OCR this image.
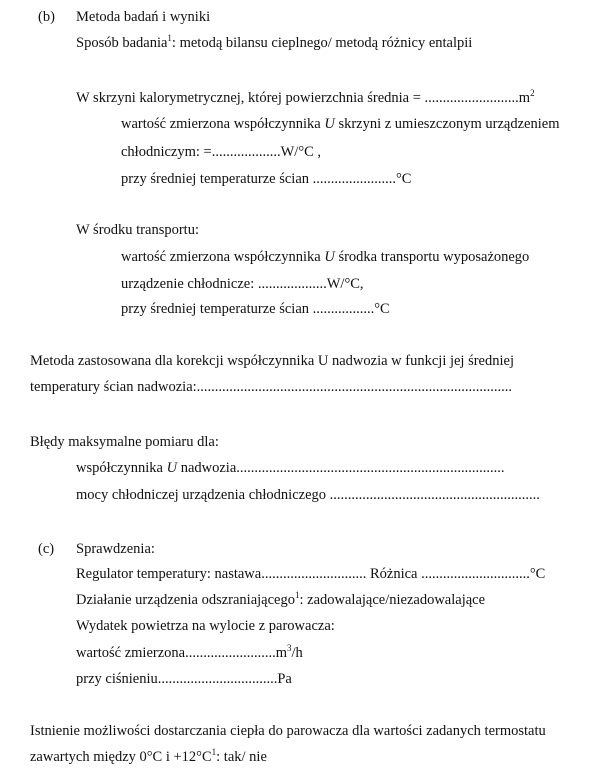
(b) Metoda badań i wyniki
Sposób badania$^1$: metodą bilansu cieplnego/ metodą różnicy entalpii
W skrzyni kalorymetrycznej, której powierzchnia średnia = $..........................m^2$
wartość zmierzona współczynnika U skrzyni z umieszczonym urządzeniem
chłodniczym: =...................W/°C ,
przy średniej temperaturze ścian .......................°C
W środku transportu:
wartość zmierzona współczynnika U środka transportu wyposażonego
urządzenie chłodnicze: ...................W/°C,
przy średniej temperaturze ścian .................°C
Metoda zastosowana dla korekcji współczynnika U nadwozia w funkcji jej średniej
temperatury ścian nadwozia:.......................................................................................
Błędy maksymalne pomiaru dla:
współczynnika U nadwozia..........................................................................
mocy chłodniczej urządzenia chłodniczego ..........................................................
(c) Sprawdzenia:
Regulator temperatury: nastawa............................. Różnica ..............................°C
Działanie urządzenia odszraniającego$^1$: zadowalające/niezadowalające
Wydatek powietrza na wylocie z parowacza:
wartość $zmierzona.........................m^3/h$
przy ciśnieniu.................................Pa
Istnienie możliwości dostarczania ciepła do parowacza dla wartości zadanych termostatu
zawartych między 0°C $i +12^\circ C^1$: tak/ nie
